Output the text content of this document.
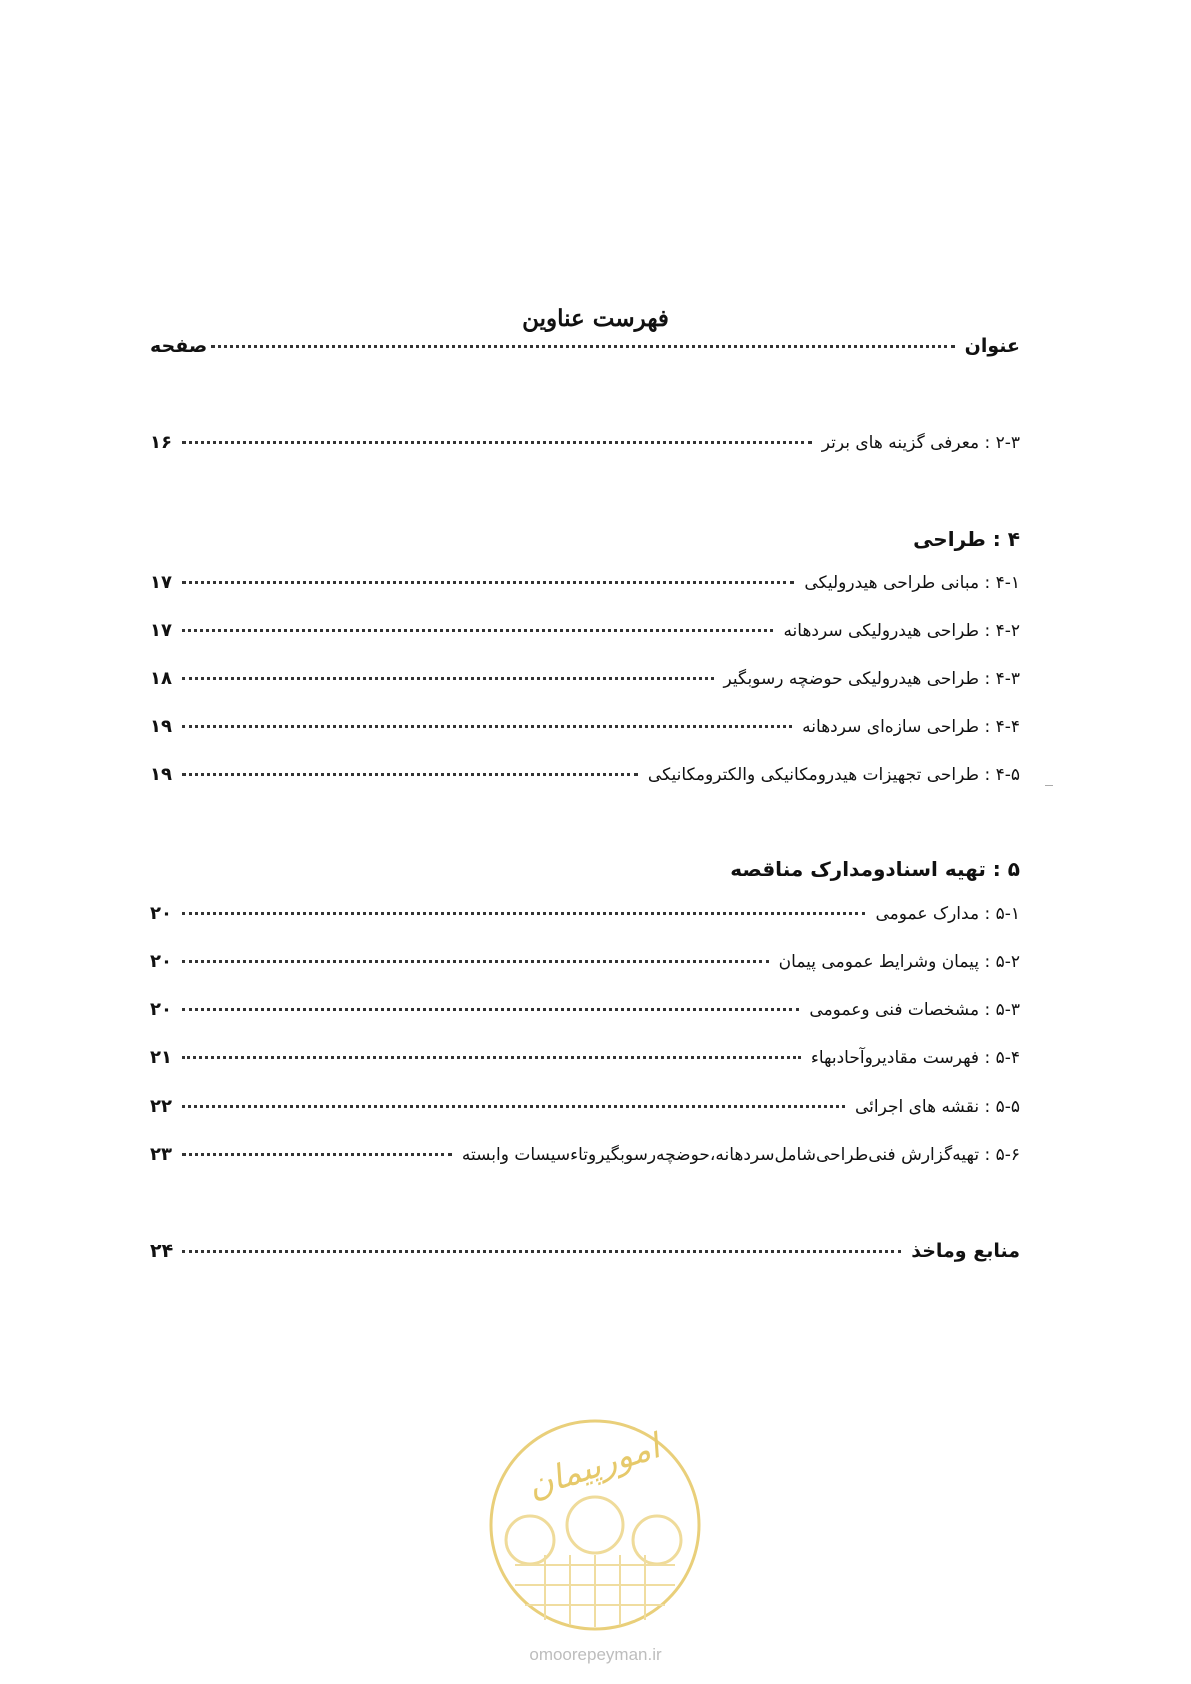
فهرست عناوین
عنوان
صفحه
۲-۳ : معرفی گزینه های برتر
۱۶
۴ : طراحی
۴-۱ : مبانی طراحی هیدرولیکی
۱۷
۴-۲ : طراحی هیدرولیکی سردهانه
۱۷
۴-۳ : طراحی هیدرولیکی حوضچه رسوبگیر
۱۸
۴-۴ : طراحی سازه‌ای سردهانه
۱۹
۴-۵ : طراحی تجهیزات هیدرومکانیکی والکترومکانیکی
۱۹
۵ : تهیه اسنادومدارک مناقصه
۵-۱ : مدارک عمومی
۲۰
۵-۲ : پیمان وشرایط عمومی پیمان
۲۰
۵-۳ : مشخصات فنی وعمومی
۲۰
۵-۴ : فهرست مقادیروآحادبهاء
۲۱
۵-۵ : نقشه های اجرائی
۲۲
۵-۶ : تهیه‌گزارش فنی‌طراحی‌شامل‌سردهانه،حوضچه‌رسوبگیروتاءسیسات وابسته
۲۳
منابع وماخذ
۲۴
امورپیمان
omoorepeyman.ir
